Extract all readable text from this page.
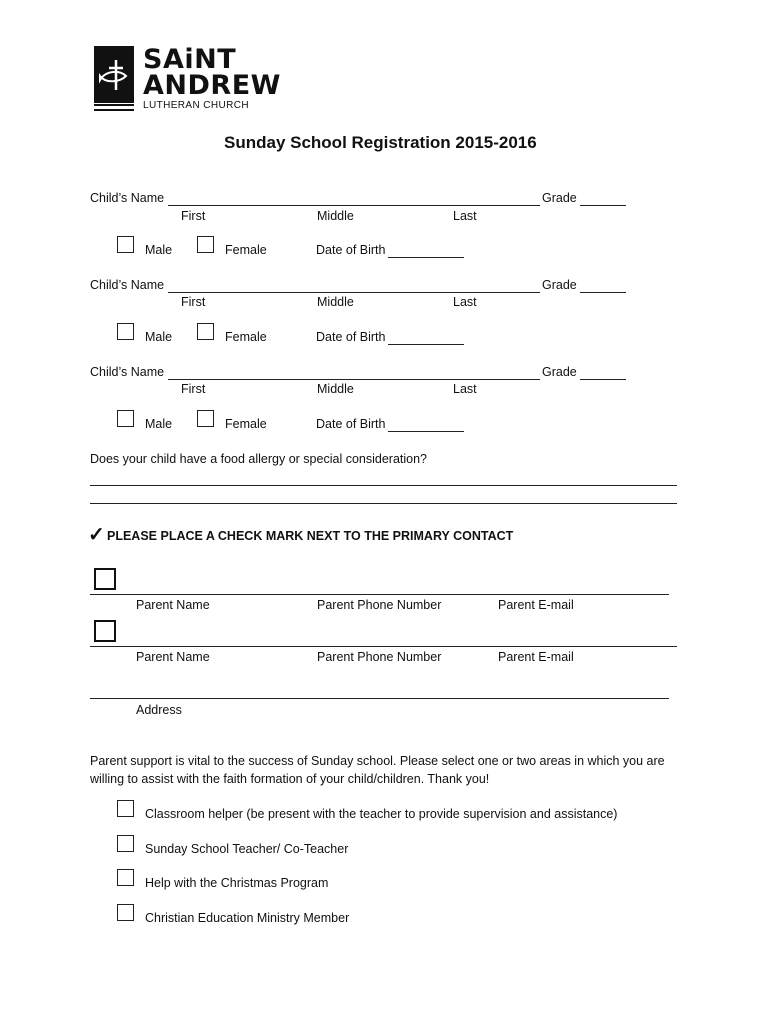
SAiNT
ANDREW
LUTHERAN CHURCH
Sunday School Registration 2015-2016
Child’s Name	Grade
First	Middle	Last
Male	Female	Date of Birth
Child’s Name	Grade
First	Middle	Last
Male	Female	Date of Birth
Child’s Name	Grade
First	Middle	Last
Male	Female	Date of Birth
Does your child have a food allergy or special consideration?
✓ PLEASE PLACE A CHECK MARK NEXT TO THE PRIMARY CONTACT
Parent Name	Parent Phone Number	Parent E-mail
Parent Name	Parent Phone Number	Parent E-mail
Address
Parent support is vital to the success of Sunday school. Please select one or two areas in which you are
willing to assist with the faith formation of your child/children. Thank you!
Classroom helper (be present with the teacher to provide supervision and assistance)
Sunday School Teacher/ Co-Teacher
Help with the Christmas Program
Christian Education Ministry Member
